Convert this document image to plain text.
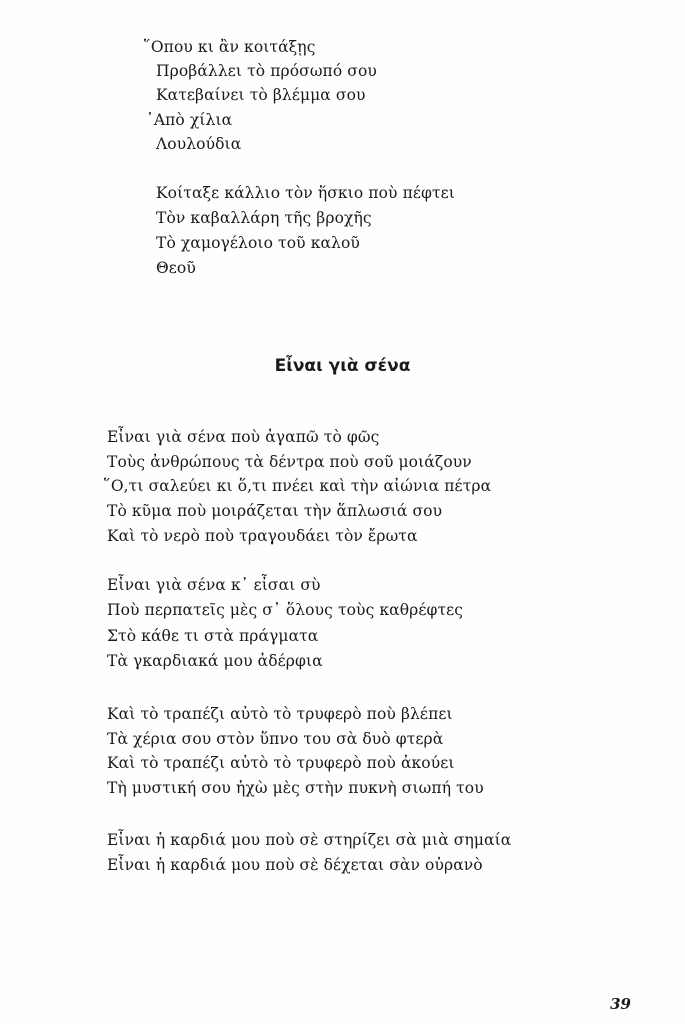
῞Οπου κι ἂν κοιτάξῃς
Προβάλλει τὸ πρόσωπό σου
Κατεβαίνει τὸ βλέμμα σου
᾽Απὸ χίλια
Λουλούδια
Κοίταξε κάλλιο τὸν ἥσκιο ποὺ πέφτει
Τὸν καβαλλάρη τῆς βροχῆς
Τὸ χαμογέλοιο τοῦ καλοῦ
Θεοῦ
Εἶναι γιὰ σένα
Εἶναι γιὰ σένα ποὺ ἀγαπῶ τὸ φῶς
Τοὺς ἀνθρώπους τὰ δέντρα ποὺ σοῦ μοιάζουν
῞Ο,τι σαλεύει κι ὅ,τι πνέει καὶ τὴν αἰώνια πέτρα
Τὸ κῦμα ποὺ μοιράζεται τὴν ἅπλωσιά σου
Καὶ τὸ νερὸ ποὺ τραγουδάει τὸν ἔρωτα
Εἶναι γιὰ σένα κ᾽ εἶσαι σὺ
Ποὺ περπατεῖς μὲς σ᾽ ὅλους τοὺς καθρέφτες
Στὸ κάθε τι στὰ πράγματα
Τὰ γκαρδιακά μου ἀδέρφια
Καὶ τὸ τραπέζι αὐτὸ τὸ τρυφερὸ ποὺ βλέπει
Τὰ χέρια σου στὸν ὕπνο του σὰ δυὸ φτερὰ
Καὶ τὸ τραπέζι αὐτὸ τὸ τρυφερὸ ποὺ ἀκούει
Τὴ μυστική σου ἠχὼ μὲς στὴν πυκνὴ σιωπή του
Εἶναι ἡ καρδιά μου ποὺ σὲ στηρίζει σὰ μιὰ σημαία
Εἶναι ἡ καρδιά μου ποὺ σὲ δέχεται σὰν οὐρανὸ
39
